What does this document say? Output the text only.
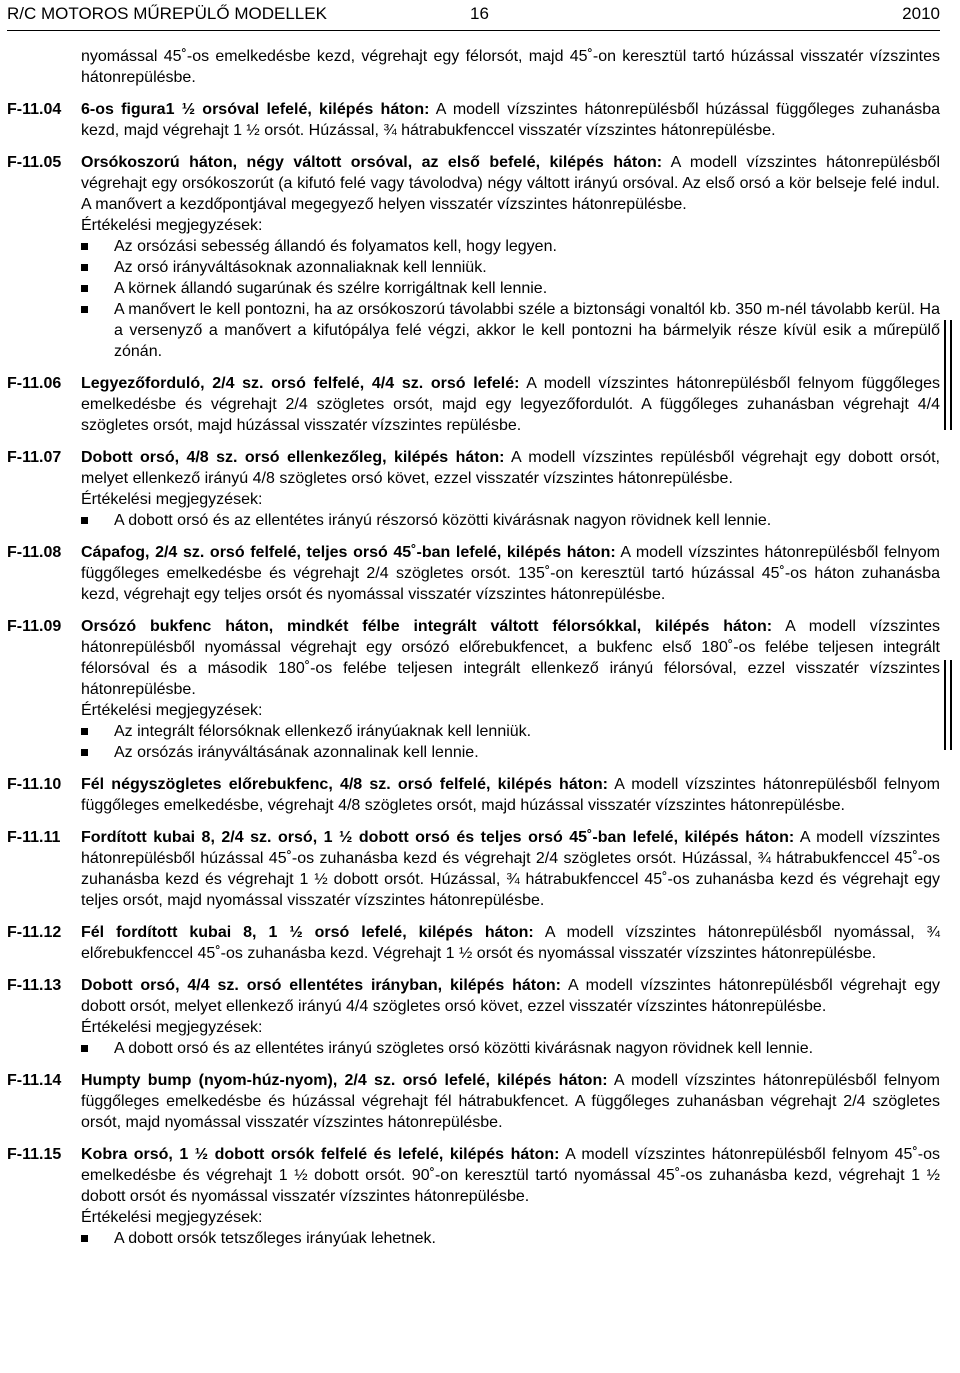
R/C MOTOROS MŰREPÜLŐ MODELLEK	16	2010
nyomással 45˚-os emelkedésbe kezd, végrehajt egy félorsót, majd 45˚-on keresztül tartó húzással visszatér vízszintes hátonrepülésbe.
F-11.04 6-os figura1 ½ orsóval lefelé, kilépés háton: A modell vízszintes hátonrepülésből húzással függőleges zuhanásba kezd, majd végrehajt 1 ½ orsót. Húzással, ¾ hátrabukfenccel visszatér vízszintes hátonrepülésbe.
F-11.05 Orsókoszorú háton, négy váltott orsóval, az első befelé, kilépés háton: A modell vízszintes hátonrepülésből végrehajt egy orsókoszorút (a kifutó felé vagy távolodva) négy váltott irányú orsóval. Az első orsó a kör belseje felé indul. A manővert a kezdőpontjával megegyező helyen visszatér vízszintes hátonrepülésbe.
Értékelési megjegyzések:
Az orsózási sebesség állandó és folyamatos kell, hogy legyen.
Az orsó irányváltásoknak azonnaliaknak kell lenniük.
A körnek állandó sugarúnak és szélre korrigáltnak kell lennie.
A manővert le kell pontozni, ha az orsókoszorú távolabbi széle a biztonsági vonaltól kb. 350 m-nél távolabb kerül. Ha a versenyző a manővert a kifutópálya felé végzi, akkor le kell pontozni ha bármelyik része kívül esik a műrepülő zónán.
F-11.06 Legyezőforduló, 2/4 sz. orsó felfelé, 4/4 sz. orsó lefelé: A modell vízszintes hátonrepülésből felnyom függőleges emelkedésbe és végrehajt 2/4 szögletes orsót, majd egy legyezőfordulót. A függőleges zuhanásban végrehajt 4/4 szögletes orsót, majd húzással visszatér vízszintes repülésbe.
F-11.07 Dobott orsó, 4/8 sz. orsó ellenkezőleg, kilépés háton: A modell vízszintes repülésből végrehajt egy dobott orsót, melyet ellenkező irányú 4/8 szögletes orsó követ, ezzel visszatér vízszintes hátonrepülésbe.
Értékelési megjegyzések:
A dobott orsó és az ellentétes irányú részorsó közötti kivárásnak nagyon rövidnek kell lennie.
F-11.08 Cápafog, 2/4 sz. orsó felfelé, teljes orsó 45˚-ban lefelé, kilépés háton: A modell vízszintes hátonrepülésből felnyom függőleges emelkedésbe és végrehajt 2/4 szögletes orsót. 135˚-on keresztül tartó húzással 45˚-os háton zuhanásba kezd, végrehajt egy teljes orsót és nyomással visszatér vízszintes hátonrepülésbe.
F-11.09 Orsózó bukfenc háton, mindkét félbe integrált váltott félorsókkal, kilépés háton: A modell vízszintes hátonrepülésből nyomással végrehajt egy orsózó előrebukfencet, a bukfenc első 180˚-os felébe teljesen integrált félorsóval és a második 180˚-os felébe teljesen integrált ellenkező irányú félorsóval, ezzel visszatér vízszintes hátonrepülésbe.
Értékelési megjegyzések:
Az integrált félorsóknak ellenkező irányúaknak kell lenniük.
Az orsózás irányváltásának azonnalinak kell lennie.
F-11.10 Fél négyszögletes előrebukfenc, 4/8 sz. orsó felfelé, kilépés háton: A modell vízszintes hátonrepülésből felnyom függőleges emelkedésbe, végrehajt 4/8 szögletes orsót, majd húzással visszatér vízszintes hátonrepülésbe.
F-11.11 Fordított kubai 8, 2/4 sz. orsó, 1 ½ dobott orsó és teljes orsó 45˚-ban lefelé, kilépés háton: A modell vízszintes hátonrepülésből húzással 45˚-os zuhanásba kezd és végrehajt 2/4 szögletes orsót. Húzással, ¾ hátrabukfenccel 45˚-os zuhanásba kezd és végrehajt 1 ½ dobott orsót. Húzással, ¾ hátrabukfenccel 45˚-os zuhanásba kezd és végrehajt egy teljes orsót, majd nyomással visszatér vízszintes hátonrepülésbe.
F-11.12 Fél fordított kubai 8, 1 ½ orsó lefelé, kilépés háton: A modell vízszintes hátonrepülésből nyomással, ¾ előrebukfenccel 45˚-os zuhanásba kezd. Végrehajt 1 ½ orsót és nyomással visszatér vízszintes hátonrepülésbe.
F-11.13 Dobott orsó, 4/4 sz. orsó ellentétes irányban, kilépés háton: A modell vízszintes hátonrepülésből végrehajt egy dobott orsót, melyet ellenkező irányú 4/4 szögletes orsó követ, ezzel visszatér vízszintes hátonrepülésbe.
Értékelési megjegyzések:
A dobott orsó és az ellentétes irányú szögletes orsó közötti kivárásnak nagyon rövidnek kell lennie.
F-11.14 Humpty bump (nyom-húz-nyom), 2/4 sz. orsó lefelé, kilépés háton: A modell vízszintes hátonrepülésből felnyom függőleges emelkedésbe és húzással végrehajt fél hátrabukfencet. A függőleges zuhanásban végrehajt 2/4 szögletes orsót, majd nyomással visszatér vízszintes hátonrepülésbe.
F-11.15 Kobra orsó, 1 ½ dobott orsók felfelé és lefelé, kilépés háton: A modell vízszintes hátonrepülésből felnyom 45˚-os emelkedésbe és végrehajt 1 ½ dobott orsót. 90˚-on keresztül tartó nyomással 45˚-os zuhanásba kezd, végrehajt 1 ½ dobott orsót és nyomással visszatér vízszintes hátonrepülésbe.
Értékelési megjegyzések:
A dobott orsók tetszőleges irányúak lehetnek.
